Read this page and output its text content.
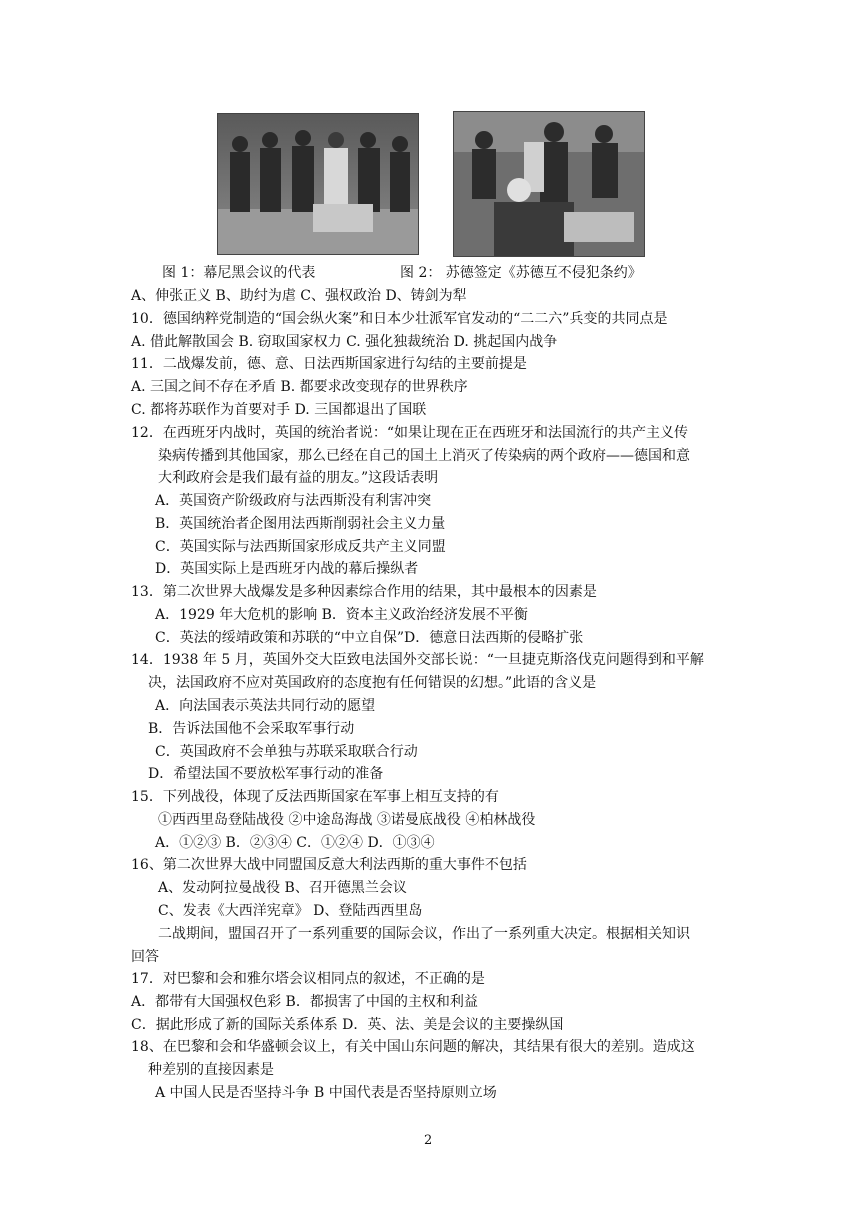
图 1：幕尼黑会议的代表	图 2： 苏德签定《苏德互不侵犯条约》
A、伸张正义 B、助纣为虐 C、强权政治 D、铸剑为犁
10．德国纳粹党制造的“国会纵火案”和日本少壮派军官发动的“二二六”兵变的共同点是
A. 借此解散国会 B. 窃取国家权力 C. 强化独裁统治 D. 挑起国内战争
11．二战爆发前，德、意、日法西斯国家进行勾结的主要前提是
A. 三国之间不存在矛盾 B. 都要求改变现存的世界秩序
C. 都将苏联作为首要对手 D. 三国都退出了国联
12．在西班牙内战时，英国的统治者说：“如果让现在正在西班牙和法国流行的共产主义传
染病传播到其他国家，那么已经在自己的国土上消灭了传染病的两个政府——德国和意
大利政府会是我们最有益的朋友。”这段话表明
A．英国资产阶级政府与法西斯没有利害冲突
B．英国统治者企图用法西斯削弱社会主义力量
C．英国实际与法西斯国家形成反共产主义同盟
D．英国实际上是西班牙内战的幕后操纵者
13．第二次世界大战爆发是多种因素综合作用的结果，其中最根本的因素是
A．1929 年大危机的影响 B．资本主义政治经济发展不平衡
C．英法的绥靖政策和苏联的“中立自保”D．德意日法西斯的侵略扩张
14．1938 年 5 月，英国外交大臣致电法国外交部长说：“一旦捷克斯洛伐克问题得到和平解
决，法国政府不应对英国政府的态度抱有任何错误的幻想。”此语的含义是
A．向法国表示英法共同行动的愿望
B．告诉法国他不会采取军事行动
C．英国政府不会单独与苏联采取联合行动
D．希望法国不要放松军事行动的准备
15．下列战役，体现了反法西斯国家在军事上相互支持的有
①西西里岛登陆战役 ②中途岛海战 ③诺曼底战役 ④柏林战役
A．①②③ B．②③④ C．①②④ D．①③④
16、第二次世界大战中同盟国反意大利法西斯的重大事件不包括
A、发动阿拉曼战役 B、召开德黑兰会议
C、发表《大西洋宪章》 D、登陆西西里岛
二战期间，盟国召开了一系列重要的国际会议，作出了一系列重大决定。根据相关知识
回答
17．对巴黎和会和雅尔塔会议相同点的叙述，不正确的是
A．都带有大国强权色彩 B．都损害了中国的主权和利益
C．据此形成了新的国际关系体系 D．英、法、美是会议的主要操纵国
18、在巴黎和会和华盛顿会议上，有关中国山东问题的解决，其结果有很大的差别。造成这
种差别的直接因素是
A 中国人民是否坚持斗争 B 中国代表是否坚持原则立场
2
